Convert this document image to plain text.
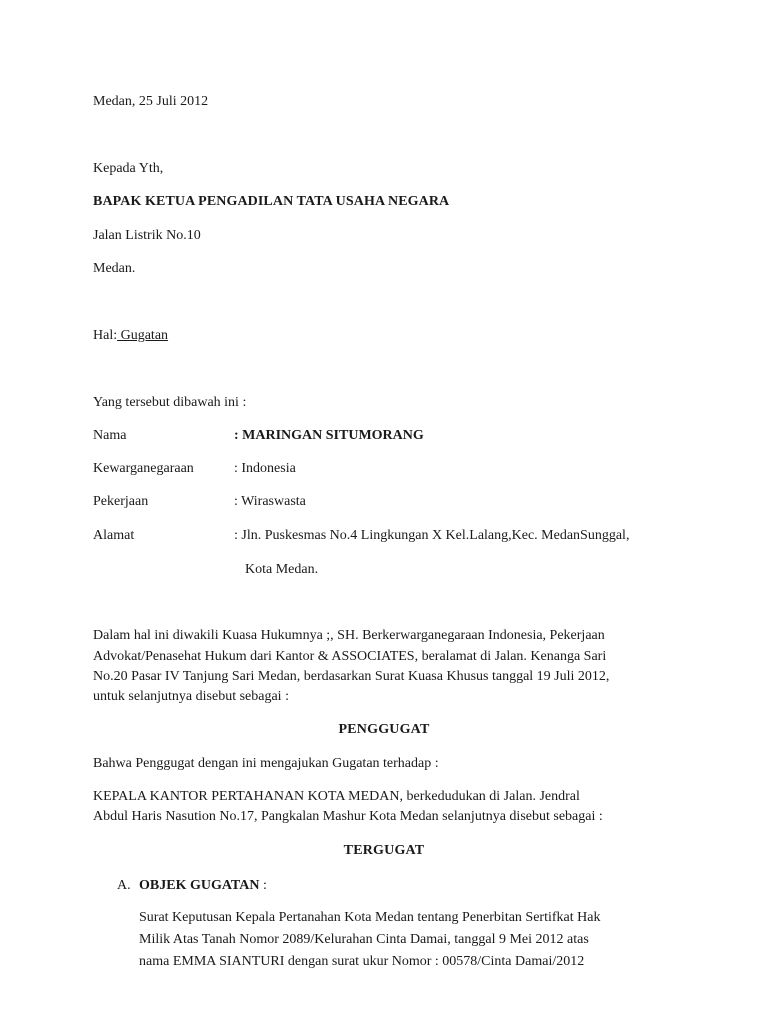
Medan, 25 Juli 2012
Kepada Yth,
BAPAK KETUA PENGADILAN TATA USAHA NEGARA
Jalan Listrik No.10
Medan.
Hal: Gugatan
Yang tersebut dibawah ini :
Nama	: MARINGAN SITUMORANG
Kewarganegaraan	: Indonesia
Pekerjaan	: Wiraswasta
Alamat	: Jln. Puskesmas No.4 Lingkungan X Kel.Lalang,Kec. MedanSunggal,
Kota Medan.
Dalam hal ini diwakili Kuasa Hukumnya ;, SH. Berkerwarganegaraan Indonesia, Pekerjaan
Advokat/Penasehat Hukum dari Kantor & ASSOCIATES, beralamat di Jalan. Kenanga Sari
No.20 Pasar IV Tanjung Sari Medan, berdasarkan Surat Kuasa Khusus tanggal 19 Juli 2012,
untuk selanjutnya disebut sebagai :
PENGGUGAT
Bahwa Penggugat dengan ini mengajukan Gugatan terhadap :
KEPALA KANTOR PERTAHANAN KOTA MEDAN, berkedudukan di Jalan. Jendral
Abdul Haris Nasution No.17, Pangkalan Mashur Kota Medan selanjutnya disebut sebagai :
TERGUGAT
A. OBJEK GUGATAN :
Surat Keputusan Kepala Pertanahan Kota Medan tentang Penerbitan Sertifkat Hak
Milik Atas Tanah Nomor 2089/Kelurahan Cinta Damai, tanggal 9 Mei 2012 atas
nama EMMA SIANTURI dengan surat ukur Nomor : 00578/Cinta Damai/2012
